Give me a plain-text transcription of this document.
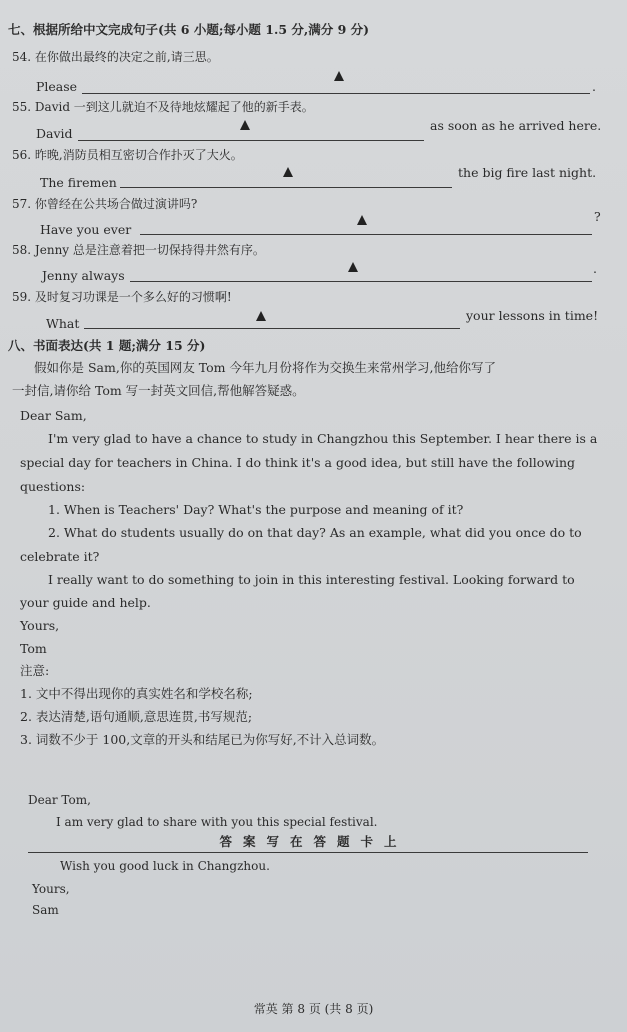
七、根据所给中文完成句子(共 6 小题;每小题 1.5 分,满分 9 分)
54. 在你做出最终的决定之前,请三思。
Please	.
55. David 一到这儿就迫不及待地炫耀起了他的新手表。
David
as soon as he arrived here.
56. 昨晚,消防员相互密切合作扑灭了大火。
The firemen
the big fire last night.
57. 你曾经在公共场合做过演讲吗?
Have you ever
?
58. Jenny 总是注意着把一切保持得井然有序。
Jenny always	.
59. 及时复习功课是一个多么好的习惯啊!
What
your lessons in time!
八、书面表达(共 1 题;满分 15 分)
假如你是 Sam,你的英国网友 Tom 今年九月份将作为交换生来常州学习,他给你写了
一封信,请你给 Tom 写一封英文回信,帮他解答疑惑。
Dear Sam,
I'm very glad to have a chance to study in Changzhou this September. I hear there is a
special day for teachers in China. I do think it's a good idea, but still have the following
questions:
1. When is Teachers' Day? What's the purpose and meaning of it?
2. What do students usually do on that day? As an example, what did you once do to
celebrate it?
I really want to do something to join in this interesting festival. Looking forward to
your guide and help.
Yours,
Tom
注意:
1. 文中不得出现你的真实姓名和学校名称;
2. 表达清楚,语句通顺,意思连贯,书写规范;
3. 词数不少于 100,文章的开头和结尾已为你写好,不计入总词数。
Dear Tom,
I am very glad to share with you this special festival.
答案写在答题卡上
Wish you good luck in Changzhou.
Yours,
Sam
常英 第 8 页 (共 8 页)
